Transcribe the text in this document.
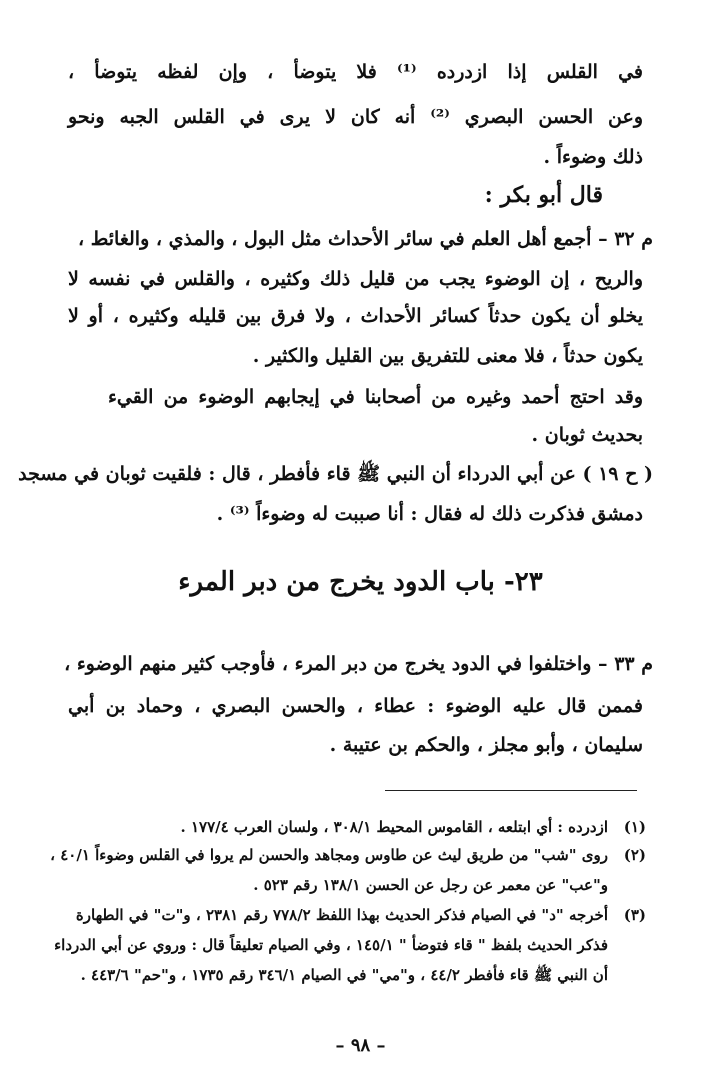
في القلس إذا ازدرده ⁽¹⁾ فلا يتوضأ ، وإن لفظه يتوضأ ،
وعن الحسن البصري ⁽²⁾ أنه كان لا يرى في القلس الجبه ونحو
ذلك وضوءاً .
قال أبو بكر :
م ٣٢ – أجمع أهل العلم في سائر الأحداث مثل البول ، والمذي ، والغائط ،
والريح ، إن الوضوء يجب من قليل ذلك وكثيره ، والقلس في نفسه لا
يخلو أن يكون حدثاً كسائر الأحداث ، ولا فرق بين قليله وكثيره ، أو لا
يكون حدثاً ، فلا معنى للتفريق بين القليل والكثير .
وقد احتج أحمد وغيره من أصحابنا في إيجابهم الوضوء من القيء
بحديث ثوبان .
( ح ١٩ ) عن أبي الدرداء أن النبي ﷺ قاء فأفطر ، قال : فلقيت ثوبان في مسجد
دمشق فذكرت ذلك له فقال : أنا صببت له وضوءاً ⁽³⁾ .
٢٣- باب الدود يخرج من دبر المرء
م ٣٣ – واختلفوا في الدود يخرج من دبر المرء ، فأوجب كثير منهم الوضوء ،
فممن قال عليه الوضوء : عطاء ، والحسن البصري ، وحماد بن أبي
سليمان ، وأبو مجلز ، والحكم بن عتيبة .
(١)
ازدرده : أي ابتلعه ، القاموس المحيط ٣٠٨/١ ، ولسان العرب ١٧٧/٤ .
(٢)
روى "شب" من طريق ليث عن طاوس ومجاهد والحسن لم يروا في القلس وضوءاً ٤٠/١ ،
و"عب" عن معمر عن رجل عن الحسن ١٣٨/١ رقم ٥٢٣ .
(٣)
أخرجه "د" في الصيام فذكر الحديث بهذا اللفظ ٧٧٨/٢ رقم ٢٣٨١ ، و"ت" في الطهارة
فذكر الحديث بلفظ " قاء فتوضأ " ١٤٥/١ ، وفي الصيام تعليقاً قال : وروي عن أبي الدرداء
أن النبي ﷺ قاء فأفطر ٤٤/٢ ، و"مي" في الصيام ٣٤٦/١ رقم ١٧٣٥ ، و"حم" ٤٤٣/٦ .
– ٩٨ –
